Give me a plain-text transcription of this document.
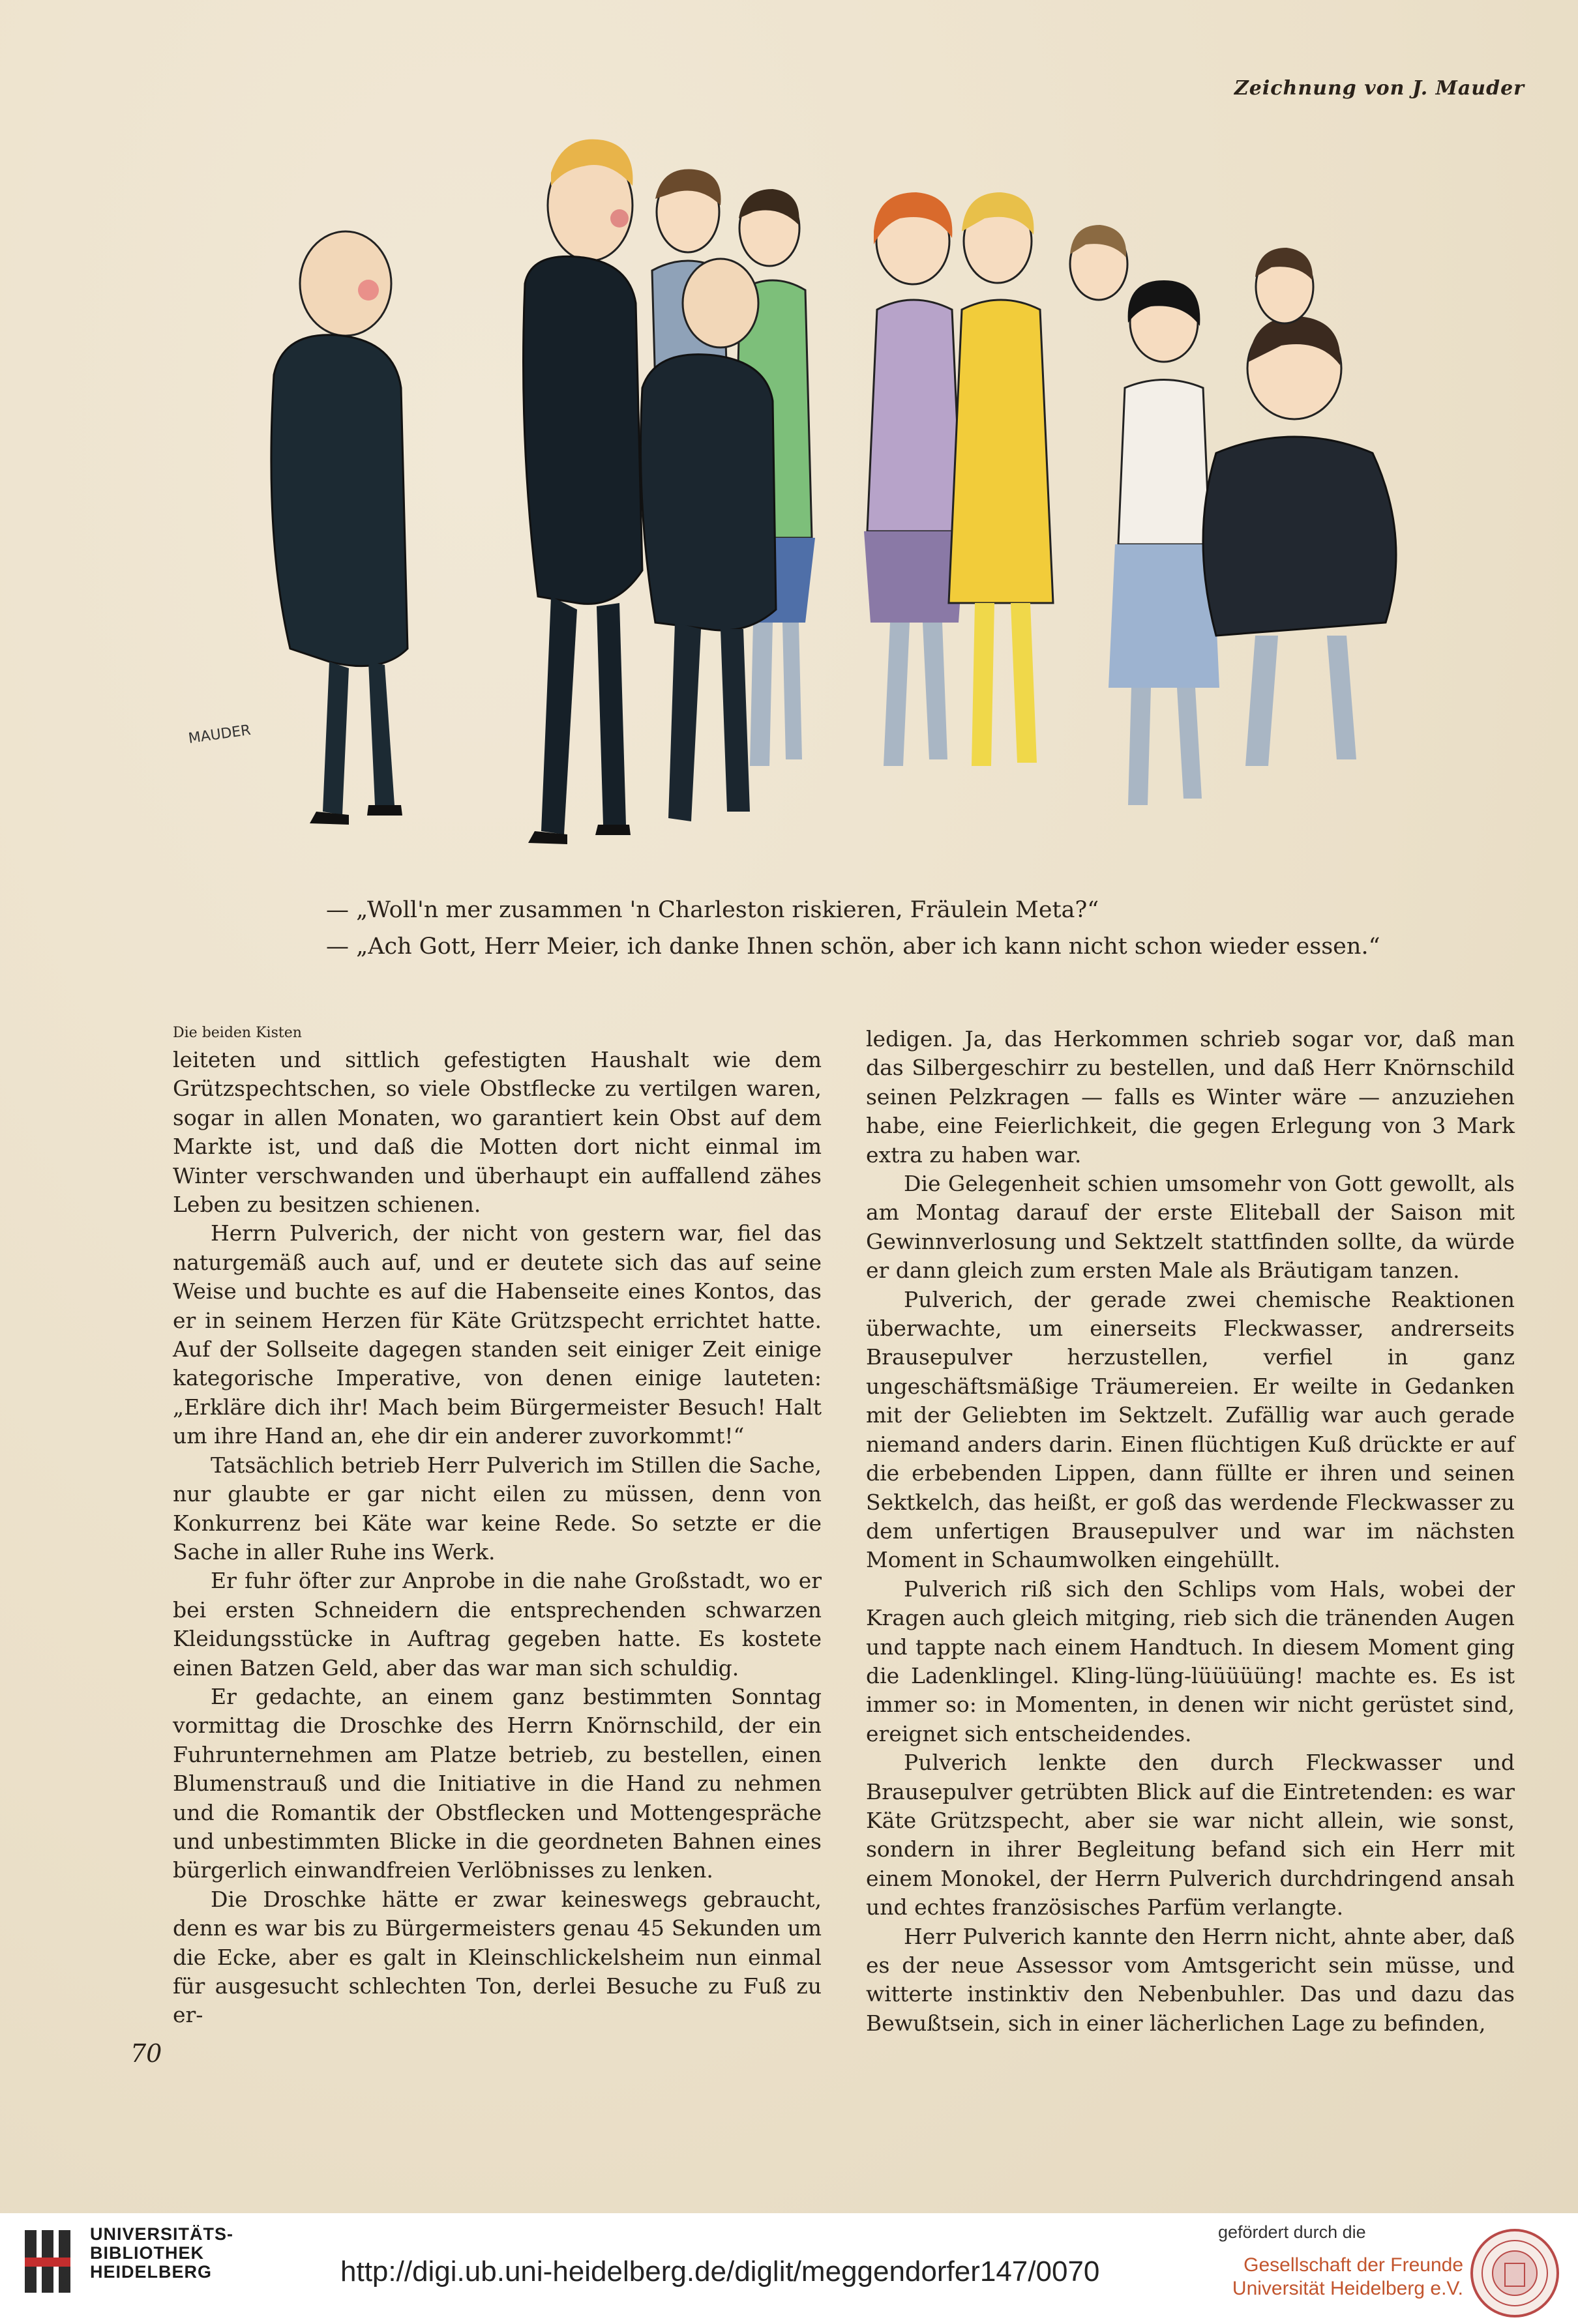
Zeichnung von J. Mauder
MAUDER
— „Woll'n mer zusammen 'n Charleston riskieren, Fräulein Meta?“
— „Ach Gott, Herr Meier, ich danke Ihnen schön, aber ich kann nicht schon wieder essen.“

Die beiden Kisten

leiteten und sittlich gefestigten Haushalt wie dem Grützspechtschen, so viele Obstflecke zu vertilgen waren, sogar in allen Monaten, wo garantiert kein Obst auf dem Markte ist, und daß die Motten dort nicht einmal im Winter verschwanden und überhaupt ein auffallend zähes Leben zu besitzen schienen.

Herrn Pulverich, der nicht von gestern war, fiel das naturgemäß auch auf, und er deutete sich das auf seine Weise und buchte es auf die Habenseite eines Kontos, das er in seinem Herzen für Käte Grützspecht errichtet hatte. Auf der Sollseite dagegen standen seit einiger Zeit einige kategorische Imperative, von denen einige lauteten: „Erkläre dich ihr! Mach beim Bürgermeister Besuch! Halt um ihre Hand an, ehe dir ein anderer zuvorkommt!“

Tatsächlich betrieb Herr Pulverich im Stillen die Sache, nur glaubte er gar nicht eilen zu müssen, denn von Konkurrenz bei Käte war keine Rede. So setzte er die Sache in aller Ruhe ins Werk.

Er fuhr öfter zur Anprobe in die nahe Großstadt, wo er bei ersten Schneidern die entsprechenden schwarzen Kleidungsstücke in Auftrag gegeben hatte. Es kostete einen Batzen Geld, aber das war man sich schuldig.

Er gedachte, an einem ganz bestimmten Sonntag vormittag die Droschke des Herrn Knörnschild, der ein Fuhrunternehmen am Platze betrieb, zu bestellen, einen Blumenstrauß und die Initiative in die Hand zu nehmen und die Romantik der Obstflecken und Mottengespräche und unbestimmten Blicke in die geordneten Bahnen eines bürgerlich einwandfreien Verlöbnisses zu lenken.

Die Droschke hätte er zwar keineswegs gebraucht, denn es war bis zu Bürgermeisters genau 45 Sekunden um die Ecke, aber es galt in Kleinschlickelsheim nun einmal für ausgesucht schlechten Ton, derlei Besuche zu Fuß zu er-

ledigen. Ja, das Herkommen schrieb sogar vor, daß man das Silbergeschirr zu bestellen, und daß Herr Knörnschild seinen Pelzkragen — falls es Winter wäre — anzuziehen habe, eine Feierlichkeit, die gegen Erlegung von 3 Mark extra zu haben war.

Die Gelegenheit schien umsomehr von Gott gewollt, als am Montag darauf der erste Eliteball der Saison mit Gewinnverlosung und Sektzelt stattfinden sollte, da würde er dann gleich zum ersten Male als Bräutigam tanzen.

Pulverich, der gerade zwei chemische Reaktionen überwachte, um einerseits Fleckwasser, andrerseits Brausepulver herzustellen, verfiel in ganz ungeschäftsmäßige Träumereien. Er weilte in Gedanken mit der Geliebten im Sektzelt. Zufällig war auch gerade niemand anders darin. Einen flüchtigen Kuß drückte er auf die erbebenden Lippen, dann füllte er ihren und seinen Sektkelch, das heißt, er goß das werdende Fleckwasser zu dem unfertigen Brausepulver und war im nächsten Moment in Schaumwolken eingehüllt.

Pulverich riß sich den Schlips vom Hals, wobei der Kragen auch gleich mitging, rieb sich die tränenden Augen und tappte nach einem Handtuch. In diesem Moment ging die Ladenklingel. Kling-lüng-lüüüüüng! machte es. Es ist immer so: in Momenten, in denen wir nicht gerüstet sind, ereignet sich entscheidendes.

Pulverich lenkte den durch Fleckwasser und Brausepulver getrübten Blick auf die Eintretenden: es war Käte Grützspecht, aber sie war nicht allein, wie sonst, sondern in ihrer Begleitung befand sich ein Herr mit einem Monokel, der Herrn Pulverich durchdringend ansah und echtes französisches Parfüm verlangte.

Herr Pulverich kannte den Herrn nicht, ahnte aber, daß es der neue Assessor vom Amtsgericht sein müsse, und witterte instinktiv den Nebenbuhler. Das und dazu das Bewußtsein, sich in einer lächerlichen Lage zu befinden,

70
UNIVERSITÄTS-
BIBLIOTHEK
HEIDELBERG	http://digi.ub.uni-heidelberg.de/diglit/meggendorfer147/0070
gefördert durch die
Gesellschaft der Freunde
Universität Heidelberg e.V.
